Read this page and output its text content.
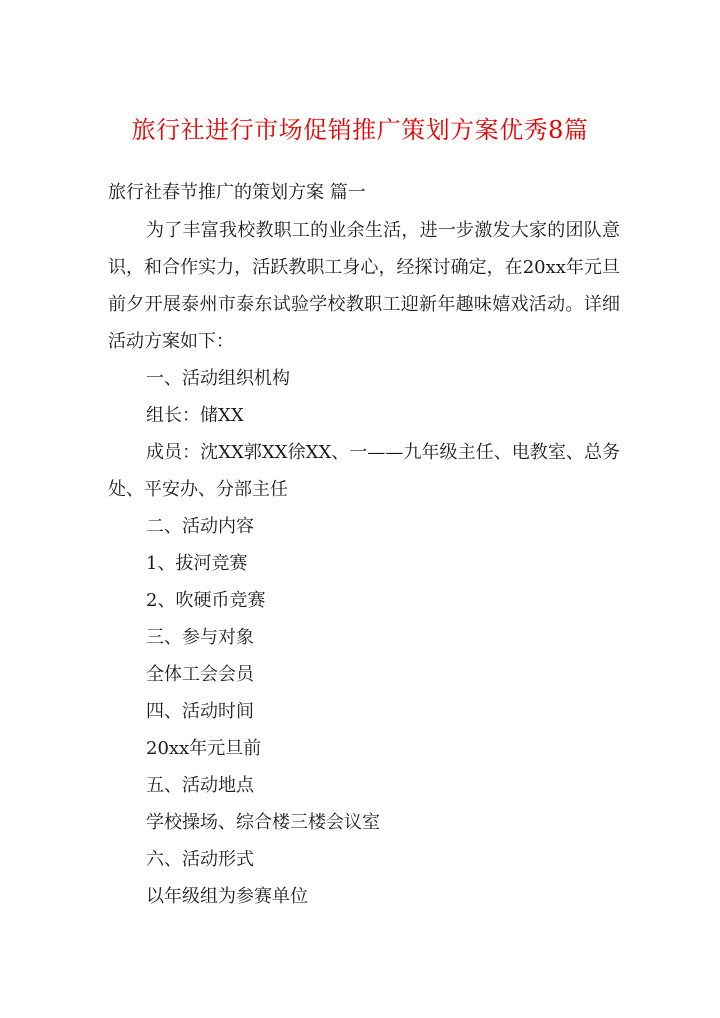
旅行社进行市场促销推广策划方案优秀8篇
旅行社春节推广的策划方案 篇一

为了丰富我校教职工的业余生活，进一步激发大家的团队意识，和合作实力，活跃教职工身心，经探讨确定，在20xx年元旦前夕开展泰州市泰东试验学校教职工迎新年趣味嬉戏活动。详细活动方案如下：

一、活动组织机构
组长：储XX

成员：沈XX郭XX徐XX、一——九年级主任、电教室、总务处、平安办、分部主任

二、活动内容
1、拔河竞赛
2、吹硬币竞赛
三、参与对象
全体工会会员
四、活动时间
20xx年元旦前
五、活动地点
学校操场、综合楼三楼会议室
六、活动形式
以年级组为参赛单位
